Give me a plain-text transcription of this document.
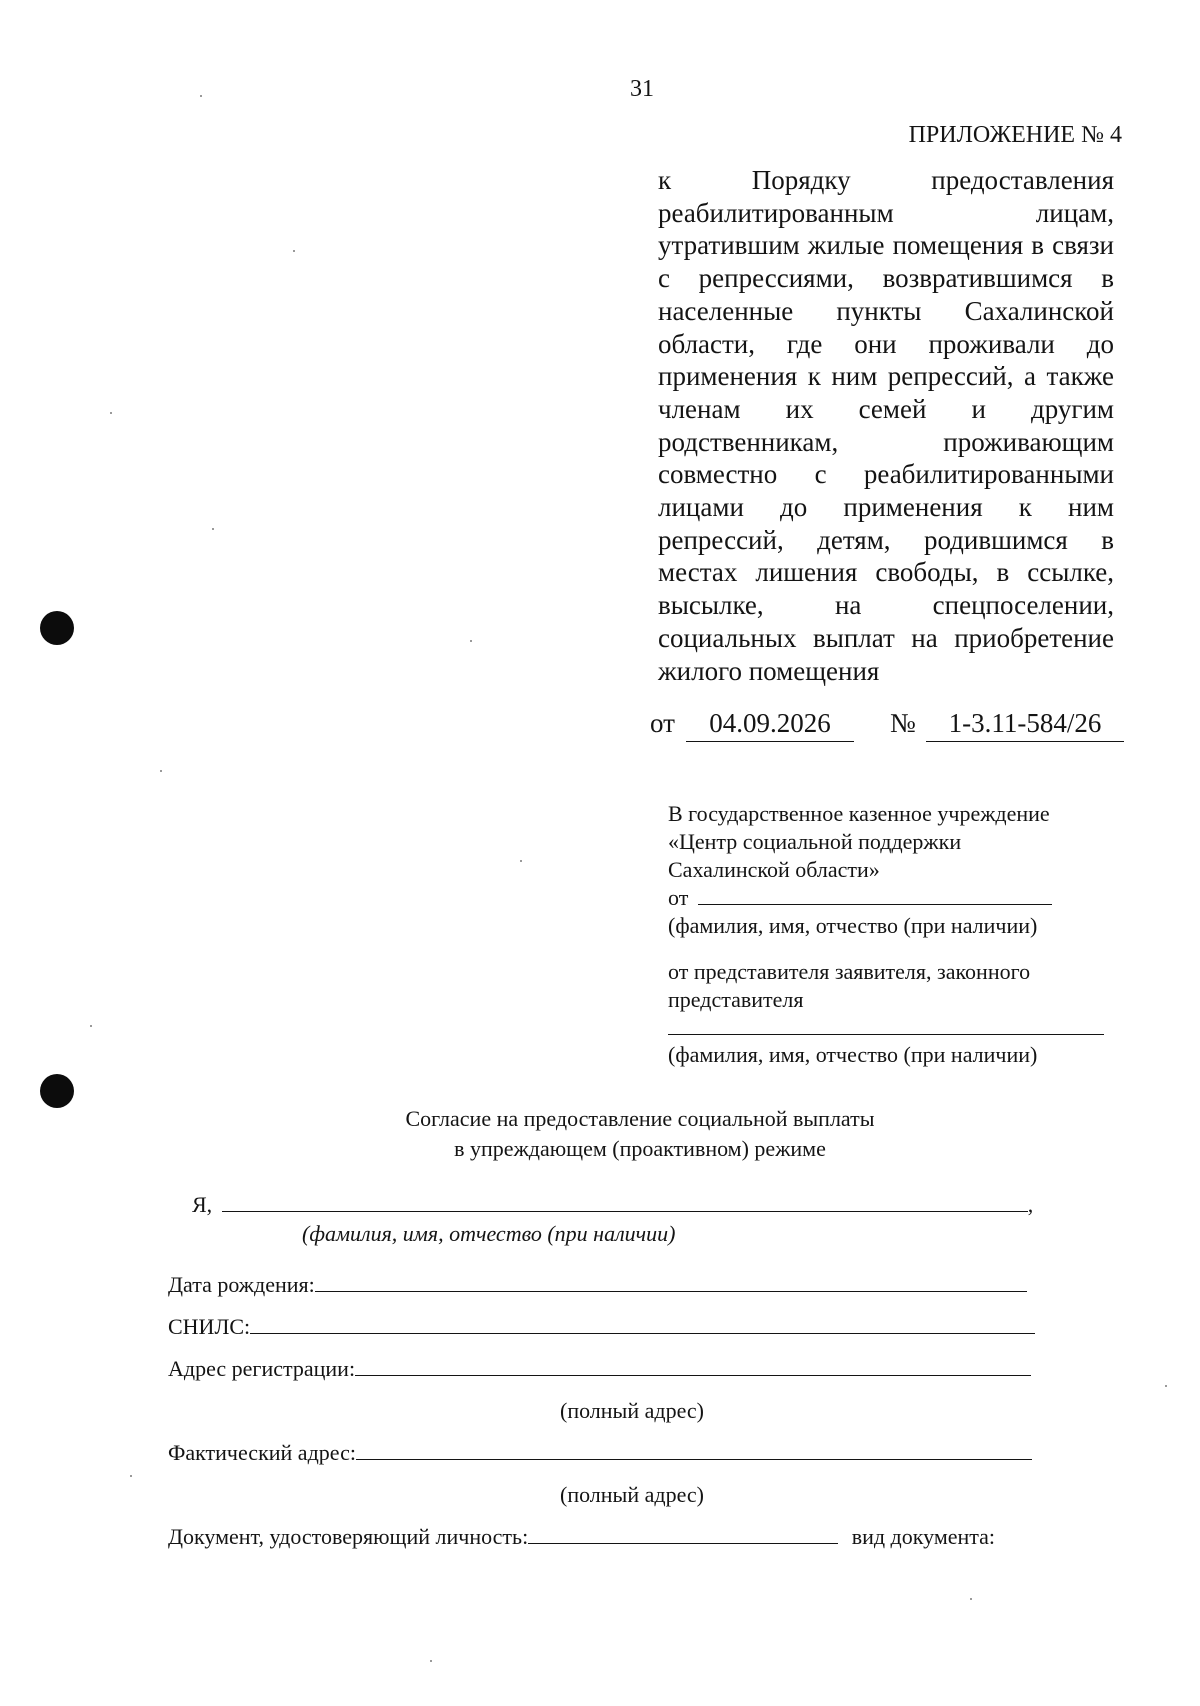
31
ПРИЛОЖЕНИЕ № 4
к Порядку предоставления реабилитированным лицам, утратившим жилые помещения в связи с репрессиями, возвратившимся в населенные пункты Сахалинской области, где они проживали до применения к ним репрессий, а также членам их семей и другим родственникам, проживающим совместно с реабилитированными лицами до применения к ним репрессий, детям, родившимся в местах лишения свободы, в ссылке, высылке, на спецпоселении, социальных выплат на приобретение жилого помещения
от	04.09.2026	№	1-3.11-584/26
В государственное казенное учреждение
«Центр социальной поддержки
Сахалинской области»
от
(фамилия, имя, отчество (при наличии)
от представителя заявителя, законного
представителя
(фамилия, имя, отчество (при наличии)
Согласие на предоставление социальной выплаты
в упреждающем (проактивном) режиме
Я,	,
(фамилия, имя, отчество (при наличии)
Дата рождения:
СНИЛС:
Адрес регистрации:
(полный адрес)
Фактический адрес:
(полный адрес)
Документ, удостоверяющий личность:	вид документа:
